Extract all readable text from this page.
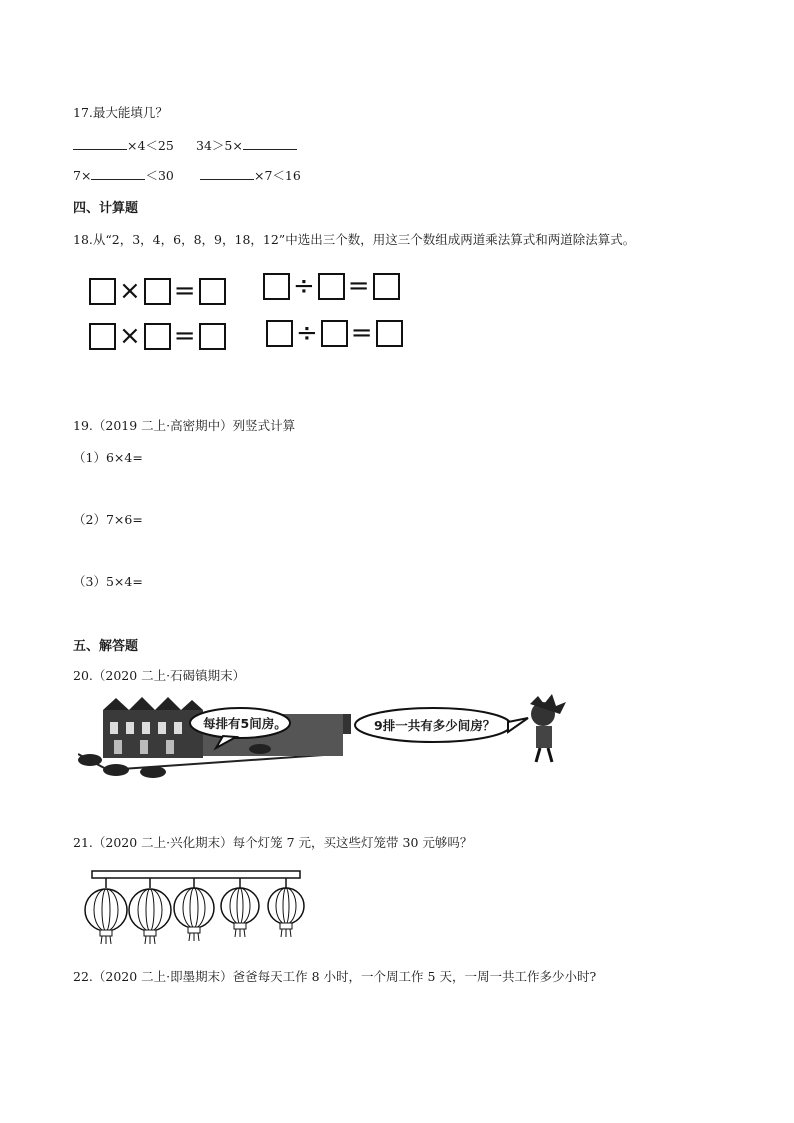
17.最大能填几？
×4＜25 34＞5×
7×	＜30	×7＜16
四、计算题
18.从“2，3，4，6，8，9，18，12”中选出三个数，用这三个数组成两道乘法算式和两道除法算式。
× =	÷ =
× =	÷ =
19.（2019 二上·高密期中）列竖式计算
（1）6×4=
（2）7×6=
（3）5×4=
五、解答题
20.（2020 二上·石碣镇期末）
每排有5间房。	9排一共有多少间房？
21.（2020 二上·兴化期末）每个灯笼 7 元，买这些灯笼带 30 元够吗？
22.（2020 二上·即墨期末）爸爸每天工作 8 小时，一个周工作 5 天，一周一共工作多少小时?
